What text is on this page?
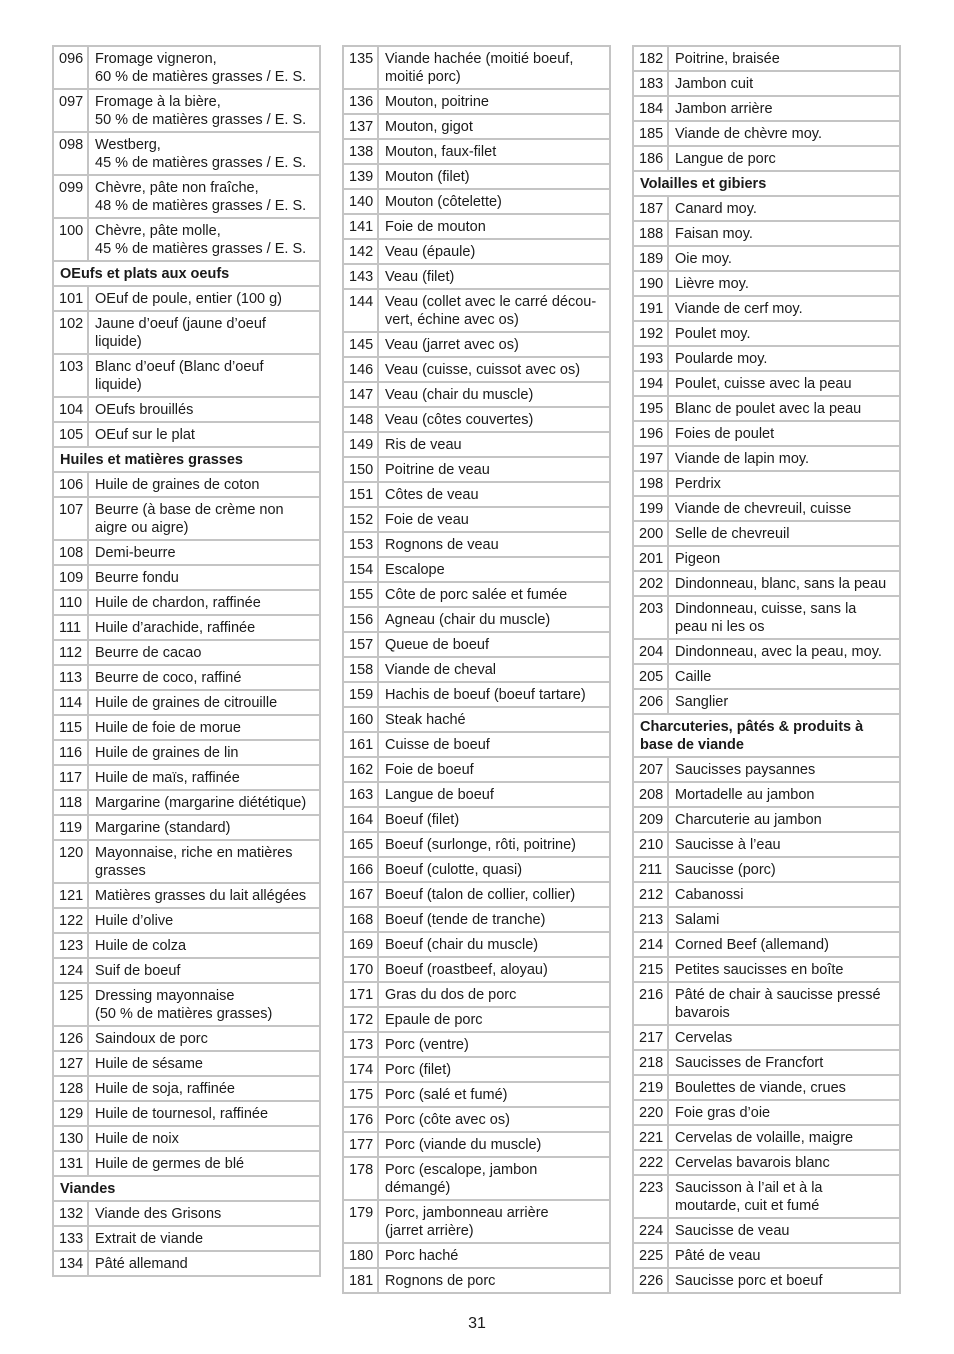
096	Fromage vigneron,
60 % de matières grasses / E. S.
097	Fromage à la bière,
50 % de matières grasses / E. S.
098	Westberg,
45 % de matières grasses / E. S.
099	Chèvre, pâte non fraîche,
48 % de matières grasses / E. S.
100	Chèvre, pâte molle,
45 % de matières grasses / E. S.
OEufs et plats aux oeufs	
101	OEuf de poule, entier (100 g)
102	Jaune d’oeuf (jaune d’oeuf
liquide)
103	Blanc d’oeuf (Blanc d’oeuf
liquide)
104	OEufs brouillés
105	OEuf sur le plat
Huiles et matières grasses	
106	Huile de graines de coton
107	Beurre (à base de crème non
aigre ou aigre)
108	Demi-beurre
109	Beurre fondu
110	Huile de chardon, raffinée
111	Huile d’arachide, raffinée
112	Beurre de cacao
113	Beurre de coco, raffiné
114	Huile de graines de citrouille
115	Huile de foie de morue
116	Huile de graines de lin
117	Huile de maïs, raffinée
118	Margarine (margarine diététique)
119	Margarine (standard)
120	Mayonnaise, riche en matières
grasses
121	Matières grasses du lait allégées
122	Huile d’olive
123	Huile de colza
124	Suif de boeuf
125	Dressing mayonnaise
(50 % de matières grasses)
126	Saindoux de porc
127	Huile de sésame
128	Huile de soja, raffinée
129	Huile de tournesol, raffinée
130	Huile de noix
131	Huile de germes de blé
Viandes	
132	Viande des Grisons
133	Extrait de viande
134	Pâté allemand
135	Viande hachée (moitié boeuf,
moitié porc)
136	Mouton, poitrine
137	Mouton, gigot
138	Mouton, faux-filet
139	Mouton (filet)
140	Mouton (côtelette)
141	Foie de mouton
142	Veau (épaule)
143	Veau (filet)
144	Veau (collet avec le carré décou-
vert, échine avec os)
145	Veau (jarret avec os)
146	Veau (cuisse, cuissot avec os)
147	Veau (chair du muscle)
148	Veau (côtes couvertes)
149	Ris de veau
150	Poitrine de veau
151	Côtes de veau
152	Foie de veau
153	Rognons de veau
154	Escalope
155	Côte de porc salée et fumée
156	Agneau (chair du muscle)
157	Queue de boeuf
158	Viande de cheval
159	Hachis de boeuf (boeuf tartare)
160	Steak haché
161	Cuisse de boeuf
162	Foie de boeuf
163	Langue de boeuf
164	Boeuf (filet)
165	Boeuf (surlonge, rôti, poitrine)
166	Boeuf (culotte, quasi)
167	Boeuf (talon de collier, collier)
168	Boeuf (tende de tranche)
169	Boeuf (chair du muscle)
170	Boeuf (roastbeef, aloyau)
171	Gras du dos de porc
172	Epaule de porc
173	Porc (ventre)
174	Porc (filet)
175	Porc (salé et fumé)
176	Porc (côte avec os)
177	Porc (viande du muscle)
178	Porc (escalope, jambon
démangé)
179	Porc, jambonneau arrière
(jarret arrière)
180	Porc haché
181	Rognons de porc
182	Poitrine, braisée
183	Jambon cuit
184	Jambon arrière
185	Viande de chèvre moy.
186	Langue de porc
Volailles et gibiers	
187	Canard moy.
188	Faisan moy.
189	Oie moy.
190	Lièvre moy.
191	Viande de cerf moy.
192	Poulet moy.
193	Poularde moy.
194	Poulet, cuisse avec la peau
195	Blanc de poulet avec la peau
196	Foies de poulet
197	Viande de lapin moy.
198	Perdrix
199	Viande de chevreuil, cuisse
200	Selle de chevreuil
201	Pigeon
202	Dindonneau, blanc, sans la peau
203	Dindonneau, cuisse, sans la
peau ni les os
204	Dindonneau, avec la peau, moy.
205	Caille
206	Sanglier
Charcuteries, pâtés & produits à
base de viande	
207	Saucisses paysannes
208	Mortadelle au jambon
209	Charcuterie au jambon
210	Saucisse à l’eau
211	Saucisse (porc)
212	Cabanossi
213	Salami
214	Corned Beef (allemand)
215	Petites saucisses en boîte
216	Pâté de chair à saucisse pressé
bavarois
217	Cervelas
218	Saucisses de Francfort
219	Boulettes de viande, crues
220	Foie gras d’oie
221	Cervelas de volaille, maigre
222	Cervelas bavarois blanc
223	Saucisson à l’ail et à la
moutarde, cuit et fumé
224	Saucisse de veau
225	Pâté de veau
226	Saucisse porc et boeuf
31
